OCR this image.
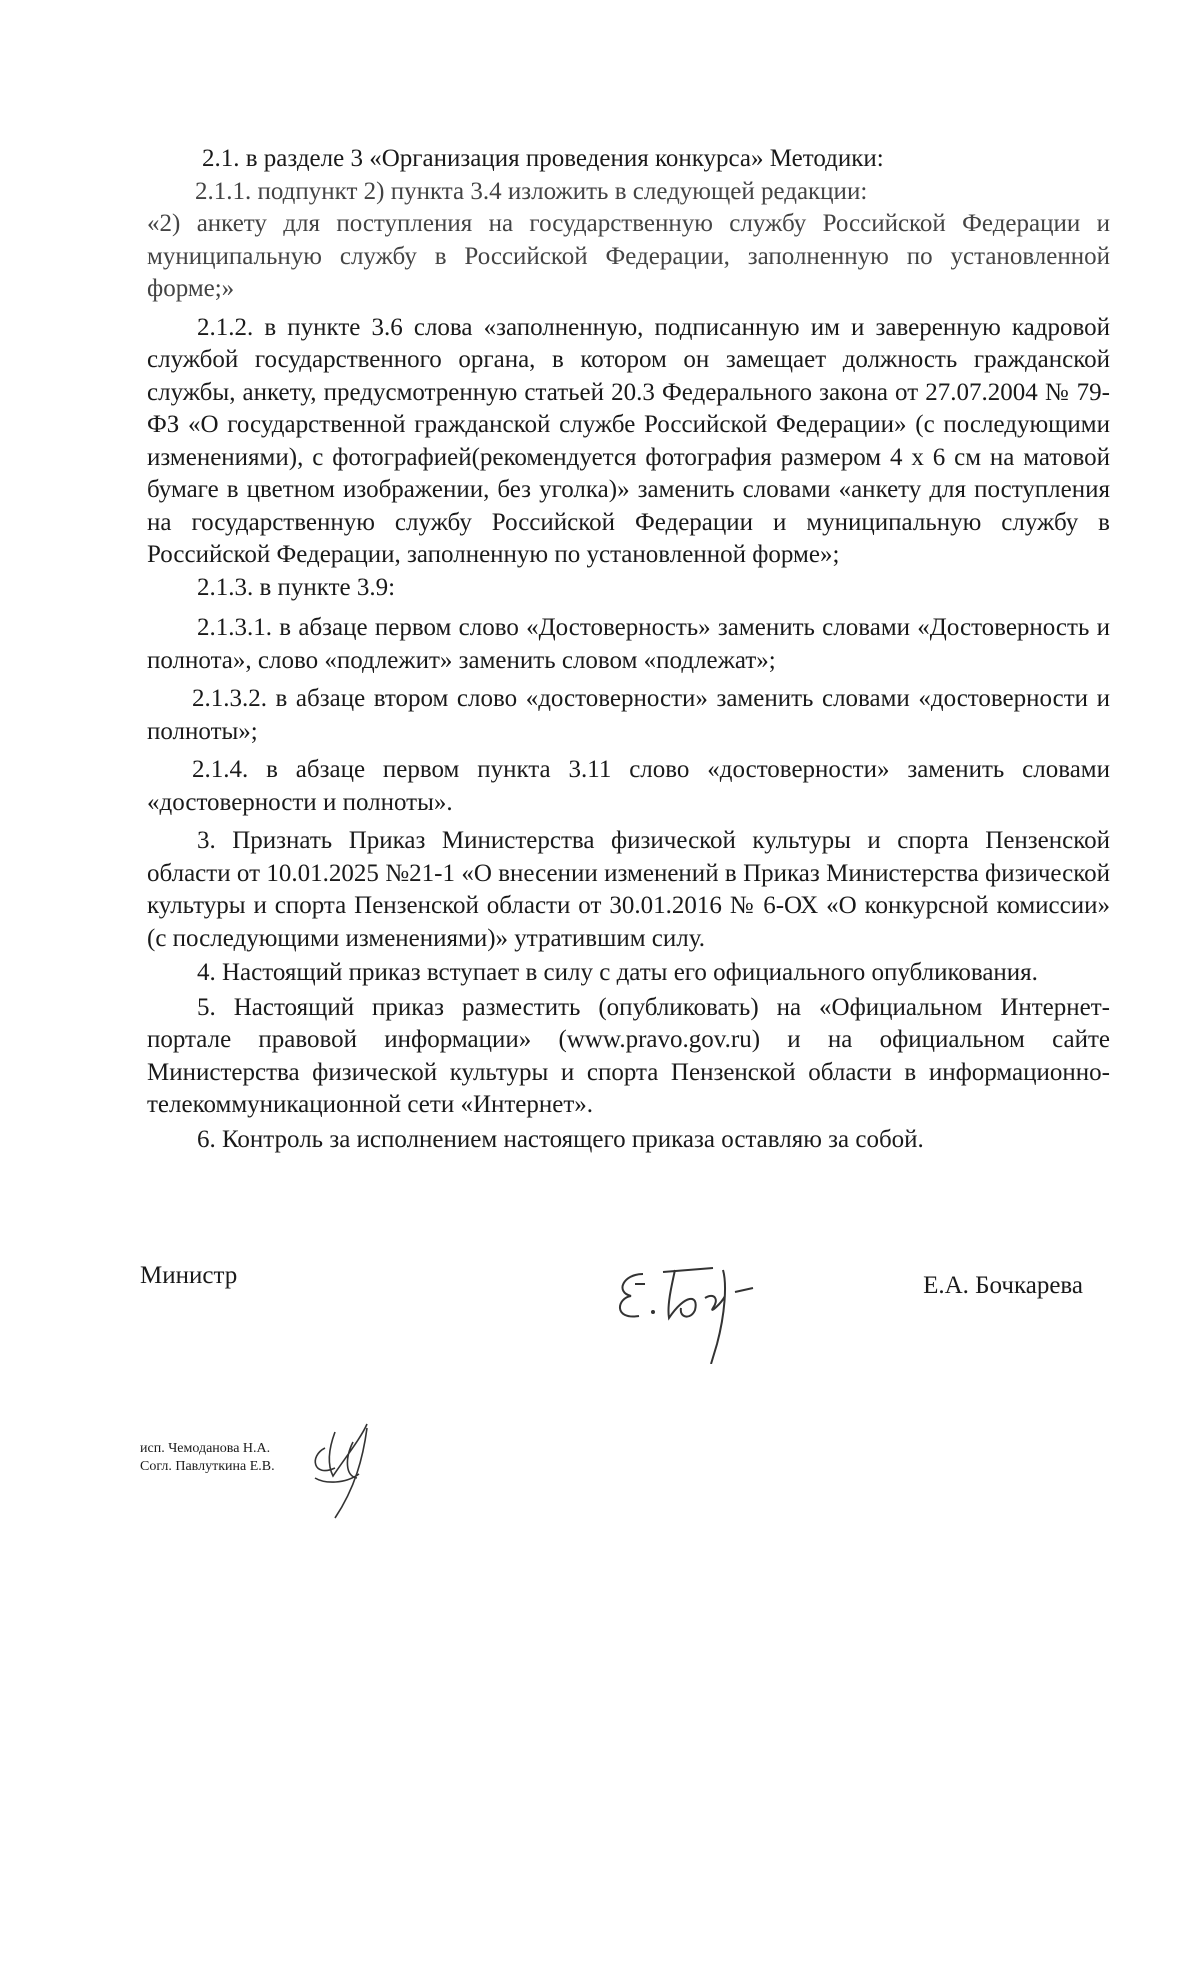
2.1. в разделе 3 «Организация проведения конкурса» Методики:

2.1.1. подпункт 2) пункта 3.4 изложить в следующей редакции:

«2) анкету для поступления на государственную службу Российской Федерации и муниципальную службу в Российской Федерации, заполненную по установленной форме;»

2.1.2. в пункте 3.6 слова «заполненную, подписанную им и заверенную кадровой службой государственного органа, в котором он замещает должность гражданской службы, анкету, предусмотренную статьей 20.3 Федерального закона от 27.07.2004 № 79-ФЗ «О государственной гражданской службе Российской Федерации» (с последующими изменениями), с фотографией(рекомендуется фотография размером 4 х 6 см на матовой бумаге в цветном изображении, без уголка)» заменить словами «анкету для поступления на государственную службу Российской Федерации и муниципальную службу в Российской Федерации, заполненную по установленной форме»;

2.1.3. в пункте 3.9:

2.1.3.1. в абзаце первом слово «Достоверность» заменить словами «Достоверность и полнота», слово «подлежит» заменить словом «подлежат»;

2.1.3.2. в абзаце втором слово «достоверности» заменить словами «достоверности и полноты»;

2.1.4. в абзаце первом пункта 3.11 слово «достоверности» заменить словами «достоверности и полноты».

3. Признать Приказ Министерства физической культуры и спорта Пензенской области от 10.01.2025 №21-1 «О внесении изменений в Приказ Министерства физической культуры и спорта Пензенской области от 30.01.2016 № 6-ОХ «О конкурсной комиссии» (с последующими изменениями)» утратившим силу.

4. Настоящий приказ вступает в силу с даты его официального опубликования.

5. Настоящий приказ разместить (опубликовать) на «Официальном Интернет-портале правовой информации» (www.pravo.gov.ru) и на официальном сайте Министерства физической культуры и спорта Пензенской области в информационно-телекоммуникационной сети «Интернет».

6. Контроль за исполнением настоящего приказа оставляю за собой.

Министр	Е.А. Бочкарева
исп. Чемоданова Н.А.
Согл. Павлуткина Е.В.
